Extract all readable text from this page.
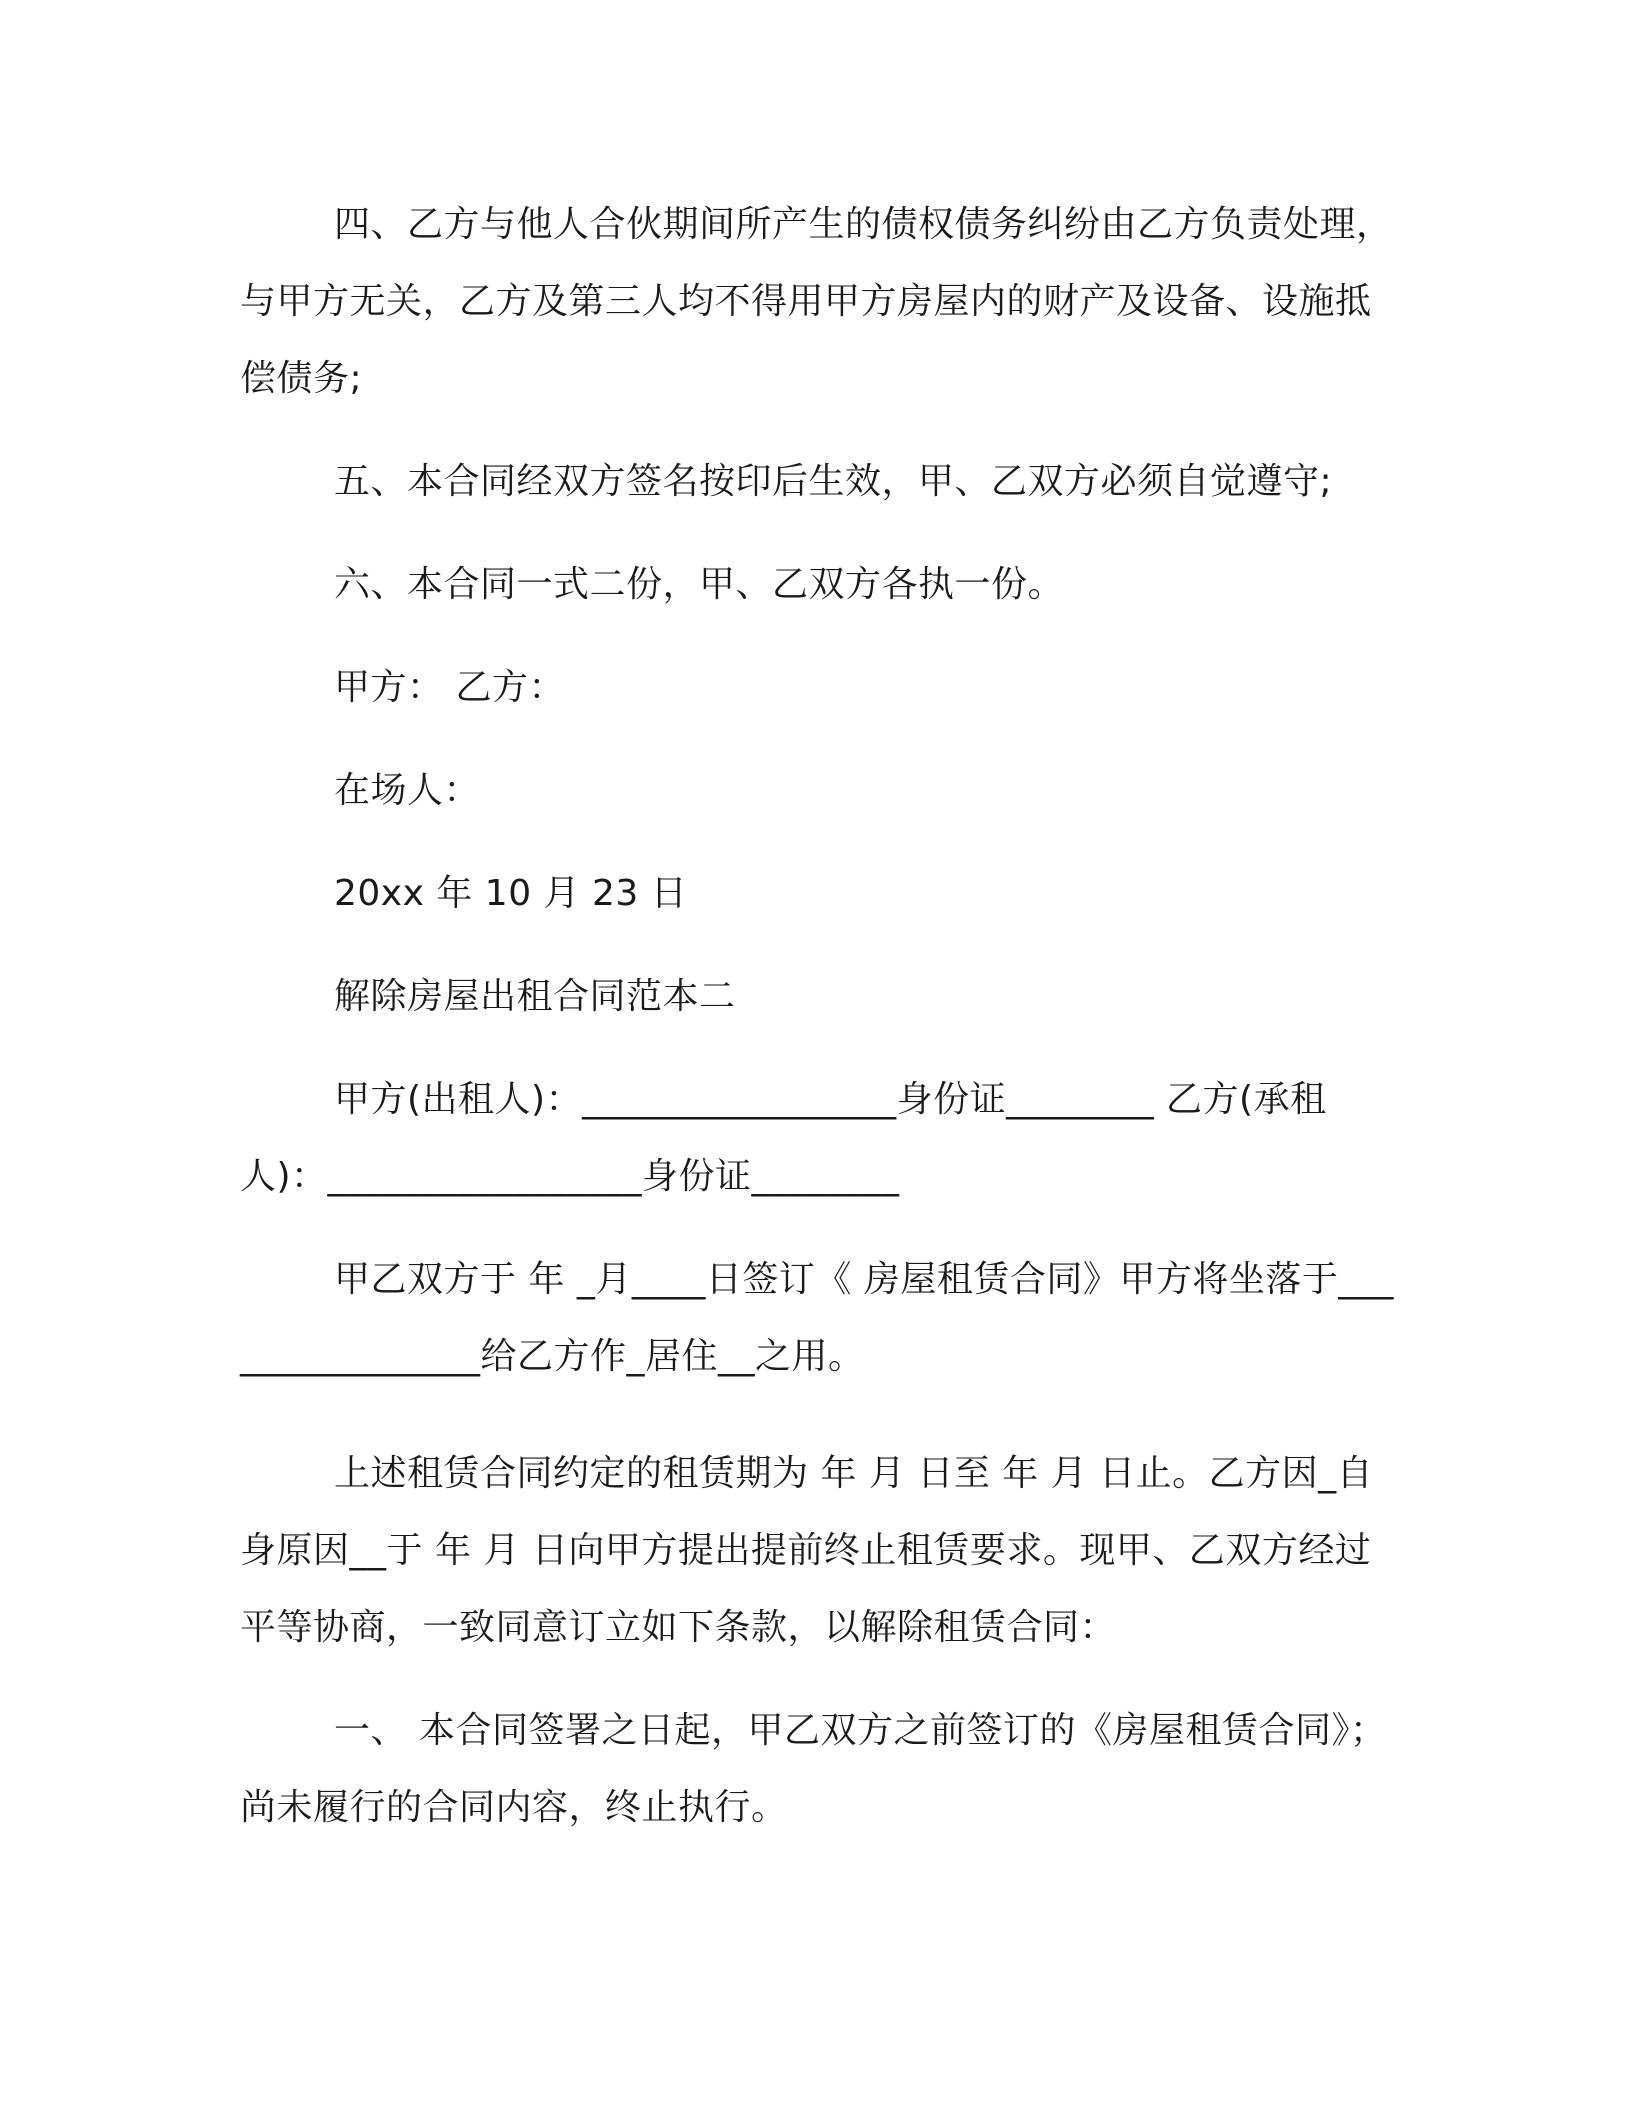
四、乙方与他人合伙期间所产生的债权债务纠纷由乙方负责处理，与甲方无关，乙方及第三人均不得用甲方房屋内的财产及设备、设施抵偿债务;

五、本合同经双方签名按印后生效，甲、乙双方必须自觉遵守;

六、本合同一式二份，甲、乙双方各执一份。

甲方： 乙方：

在场人：

20xx 年 10 月 23 日

解除房屋出租合同范本二

甲方(出租人)：_________________身份证________ 乙方(承租人)：_________________身份证________

甲乙双方于 年 _月____日签订《 房屋租赁合同》甲方将坐落于________________给乙方作_居住__之用。

上述租赁合同约定的租赁期为 年 月 日至 年 月 日止。乙方因_自身原因__于 年 月 日向甲方提出提前终止租赁要求。现甲、乙双方经过平等协商，一致同意订立如下条款，以解除租赁合同：

一、 本合同签署之日起，甲乙双方之前签订的《房屋租赁合同》；尚未履行的合同内容，终止执行。
